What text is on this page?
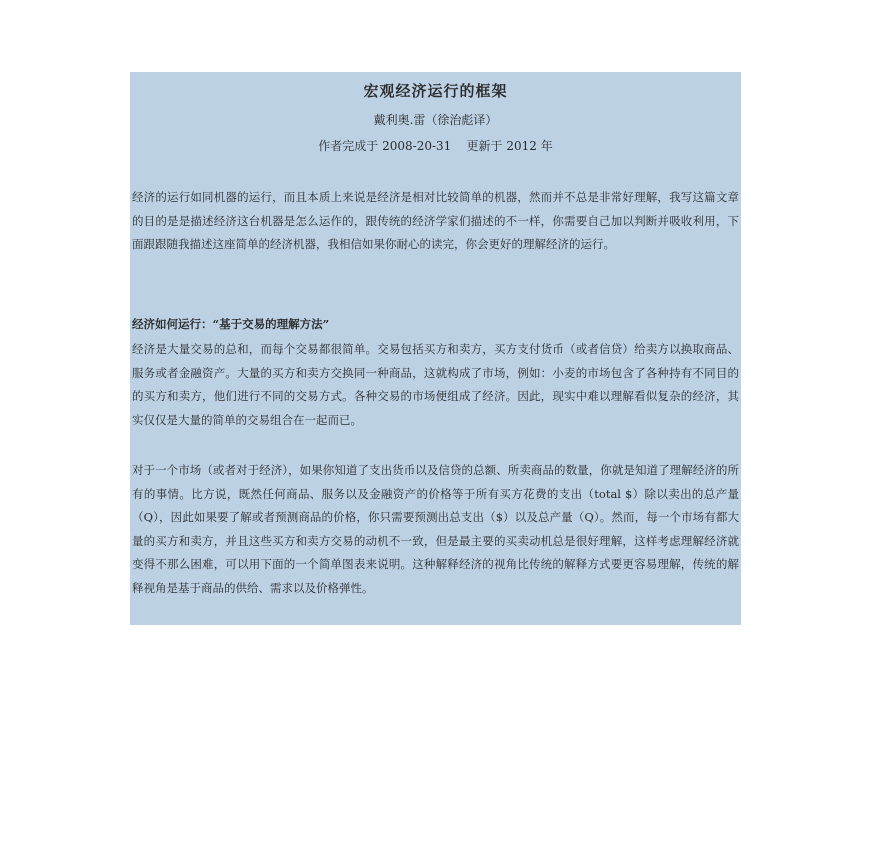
宏观经济运行的框架
戴利奥.雷（徐治彪译）
作者完成于 2008-20-31    更新于 2012 年
经济的运行如同机器的运行，而且本质上来说是经济是相对比较简单的机器，然而并不总是非常好理解，我写这篇文章的目的是是描述经济这台机器是怎么运作的，跟传统的经济学家们描述的不一样，你需要自己加以判断并吸收利用，下面跟跟随我描述这座简单的经济机器，我相信如果你耐心的读完，你会更好的理解经济的运行。
经济如何运行：“基于交易的理解方法”
经济是大量交易的总和，而每个交易都很简单。交易包括买方和卖方，买方支付货币（或者信贷）给卖方以换取商品、服务或者金融资产。大量的买方和卖方交换同一种商品，这就构成了市场，例如：小麦的市场包含了各种持有不同目的的买方和卖方，他们进行不同的交易方式。各种交易的市场便组成了经济。因此，现实中难以理解看似复杂的经济，其实仅仅是大量的简单的交易组合在一起而已。
对于一个市场（或者对于经济），如果你知道了支出货币以及信贷的总额、所卖商品的数量，你就是知道了理解经济的所有的事情。比方说，既然任何商品、服务以及金融资产的价格等于所有买方花费的支出（total $）除以卖出的总产量（Q），因此如果要了解或者预测商品的价格，你只需要预测出总支出（$）以及总产量（Q）。然而，每一个市场有都大量的买方和卖方，并且这些买方和卖方交易的动机不一致，但是最主要的买卖动机总是很好理解，这样考虑理解经济就变得不那么困难，可以用下面的一个简单图表来说明。这种解释经济的视角比传统的解释方式要更容易理解，传统的解释视角是基于商品的供给、需求以及价格弹性。
